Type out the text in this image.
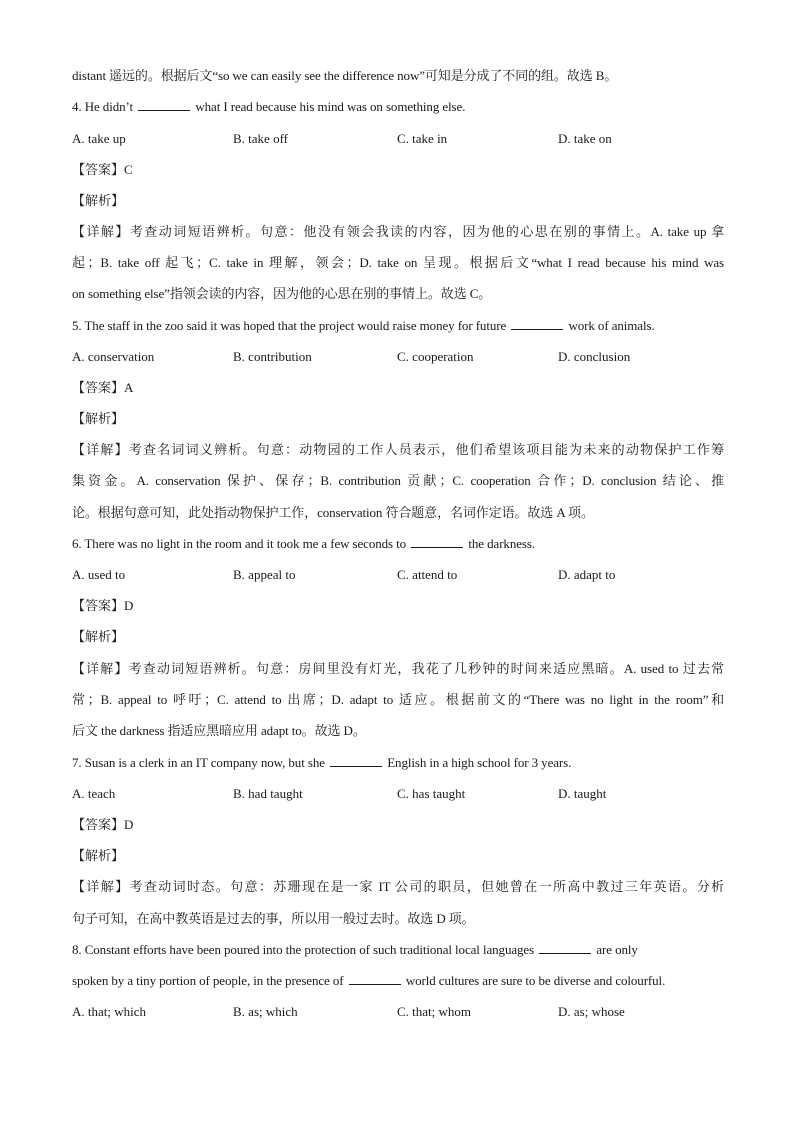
distant 遥远的。根据后文“so we can easily see the difference now”可知是分成了不同的组。故选 B。
4. He didn’t	what I read because his mind was on something else.
A. take up	B. take off	C. take in	D. take on
【答案】C
【解析】
【详解】考查动词短语辨析。句意：他没有领会我读的内容，因为他的心思在别的事情上。A. take up 拿
起；B. take off 起飞；C. take in 理解，领会；D. take on 呈现。根据后文“what I read because his mind was
on something else”指领会读的内容，因为他的心思在别的事情上。故选 C。
5. The staff in the zoo said it was hoped that the project would raise money for future	work of animals.
A. conservation	B. contribution	C. cooperation	D. conclusion
【答案】A
【解析】
【详解】考查名词词义辨析。句意：动物园的工作人员表示，他们希望该项目能为未来的动物保护工作筹
集资金。A. conservation 保护、保存；B. contribution 贡献；C. cooperation 合作；D. conclusion 结论、推
论。根据句意可知，此处指动物保护工作，conservation 符合题意，名词作定语。故选 A 项。
6. There was no light in the room and it took me a few seconds to	the darkness.
A. used to	B. appeal to	C. attend to	D. adapt to
【答案】D
【解析】
【详解】考查动词短语辨析。句意：房间里没有灯光，我花了几秒钟的时间来适应黑暗。A. used to 过去常
常；B. appeal to 呼吁；C. attend to 出席；D. adapt to 适应。根据前文的“There was no light in the room”和
后文 the darkness 指适应黑暗应用 adapt to。故选 D。
7. Susan is a clerk in an IT company now, but she	English in a high school for 3 years.
A. teach	B. had taught	C. has taught	D. taught
【答案】D
【解析】
【详解】考查动词时态。句意：苏珊现在是一家 IT 公司的职员，但她曾在一所高中教过三年英语。分析
句子可知，在高中教英语是过去的事，所以用一般过去时。故选 D 项。
8. Constant efforts have been poured into the protection of such traditional local languages	are only
spoken by a tiny portion of people, in the presence of	world cultures are sure to be diverse and colourful.
A. that; which	B. as; which	C. that; whom	D. as; whose
